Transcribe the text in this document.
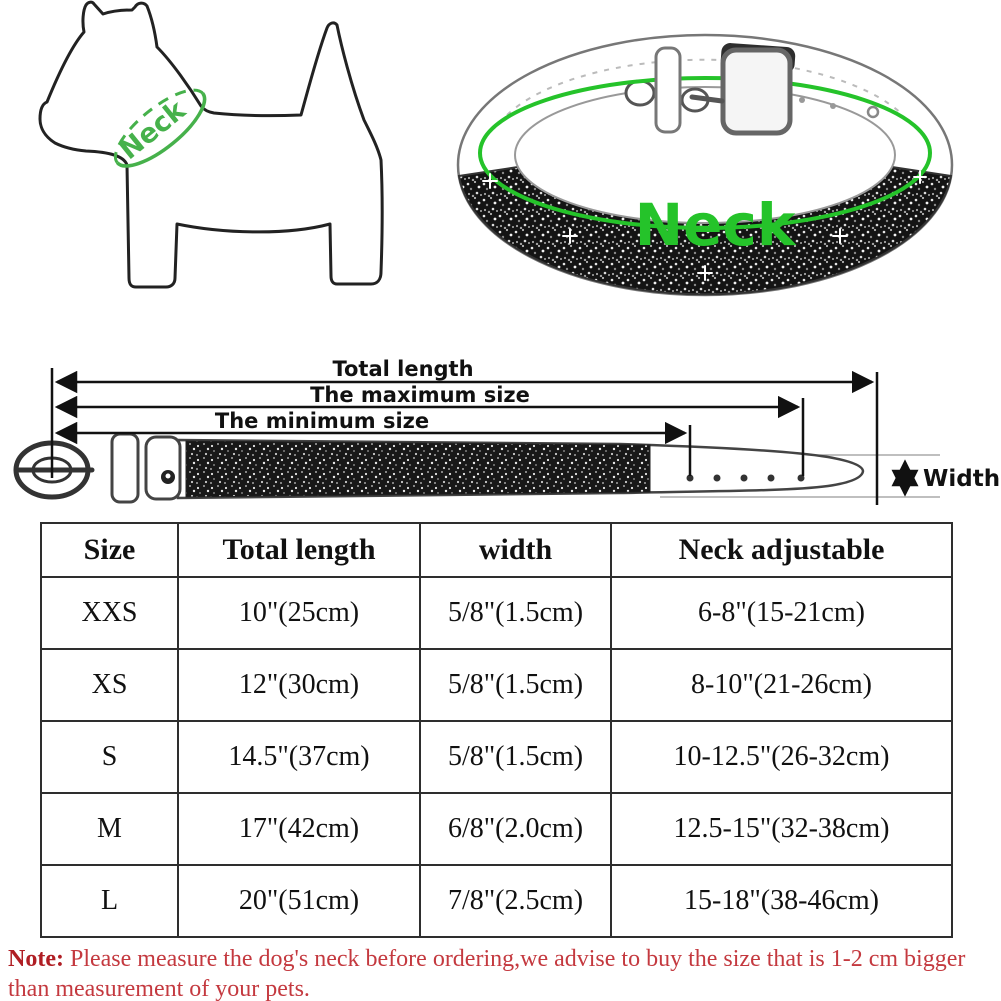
Neck
Neck
Total length
The maximum size
The minimum size
Width
Size	Total length	width	Neck adjustable
XXS	10"(25cm)	5/8"(1.5cm)	6-8"(15-21cm)
XS	12"(30cm)	5/8"(1.5cm)	8-10"(21-26cm)
S	14.5"(37cm)	5/8"(1.5cm)	10-12.5"(26-32cm)
M	17"(42cm)	6/8"(2.0cm)	12.5-15"(32-38cm)
L	20"(51cm)	7/8"(2.5cm)	15-18"(38-46cm)
Note: Please measure the dog's neck before ordering,we advise to buy the size that is 1-2 cm bigger than measurement of your pets.
